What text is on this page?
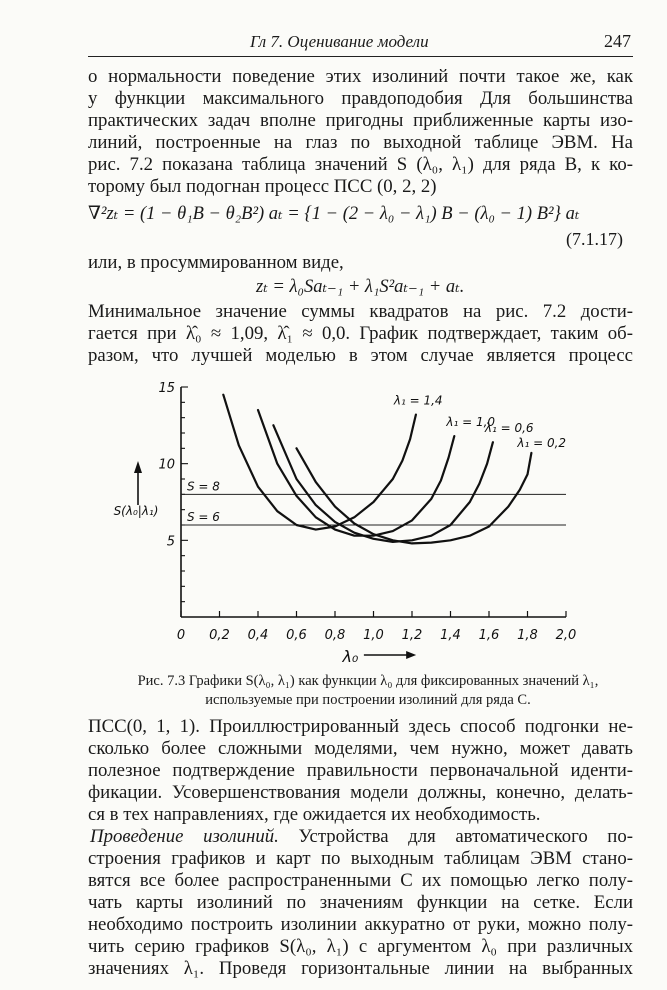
Гл 7. Оценивание модели	247
о нормальности поведение этих изолиний почти такое же, как
у функции максимального правдоподобия Для большинства
практических задач вполне пригодны приближенные карты изо-
линий, построенные на глаз по выходной таблице ЭВМ. На
рис. 7.2 показана таблица значений S (λ₀, λ₁) для ряда В, к ко-
торому был подогнан процесс ПСС (0, 2, 2)
∇²zₜ = (1 − θ₁B − θ₂B²) aₜ = {1 − (2 − λ₀ − λ₁) B − (λ₀ − 1) B²} aₜ
(7.1.17)
или, в просуммированном виде,
zₜ = λ₀Saₜ₋₁ + λ₁S²aₜ₋₁ + aₜ.
Минимальное значение суммы квадратов на рис. 7.2 дости-
гается при λ̂₀ ≈ 1,09, λ̂₁ ≈ 0,0. График подтверждает, таким об-
разом, что лучшей моделью в этом случае является процесс
0 0,2 0,4 0,6 0,8 1,0 1,2 1,4 1,6 1,8 2,0
5
10
15
S = 8
S = 6
λ₁ = 1,4
λ₁ = 1,0
λ₁ = 0,6
λ₁ = 0,2
λ₀
S(λ₀|λ₁)
Рис. 7.3 Графики S(λ₀, λ₁) как функции λ₀ для фиксированных значений λ₁,
используемые при построении изолиний для ряда С.
ПСС(0, 1, 1). Проиллюстрированный здесь способ подгонки не-
сколько более сложными моделями, чем нужно, может давать
полезное подтверждение правильности первоначальной иденти-
фикации. Усовершенствования модели должны, конечно, делать-
ся в тех направлениях, где ожидается их необходимость.
Проведение изолиний. Устройства для автоматического по-
строения графиков и карт по выходным таблицам ЭВМ стано-
вятся все более распространенными С их помощью легко полу-
чать карты изолиний по значениям функции на сетке. Если
необходимо построить изолинии аккуратно от руки, можно полу-
чить серию графиков S(λ₀, λ₁) с аргументом λ₀ при различных
значениях λ₁. Проведя горизонтальные линии на выбранных
